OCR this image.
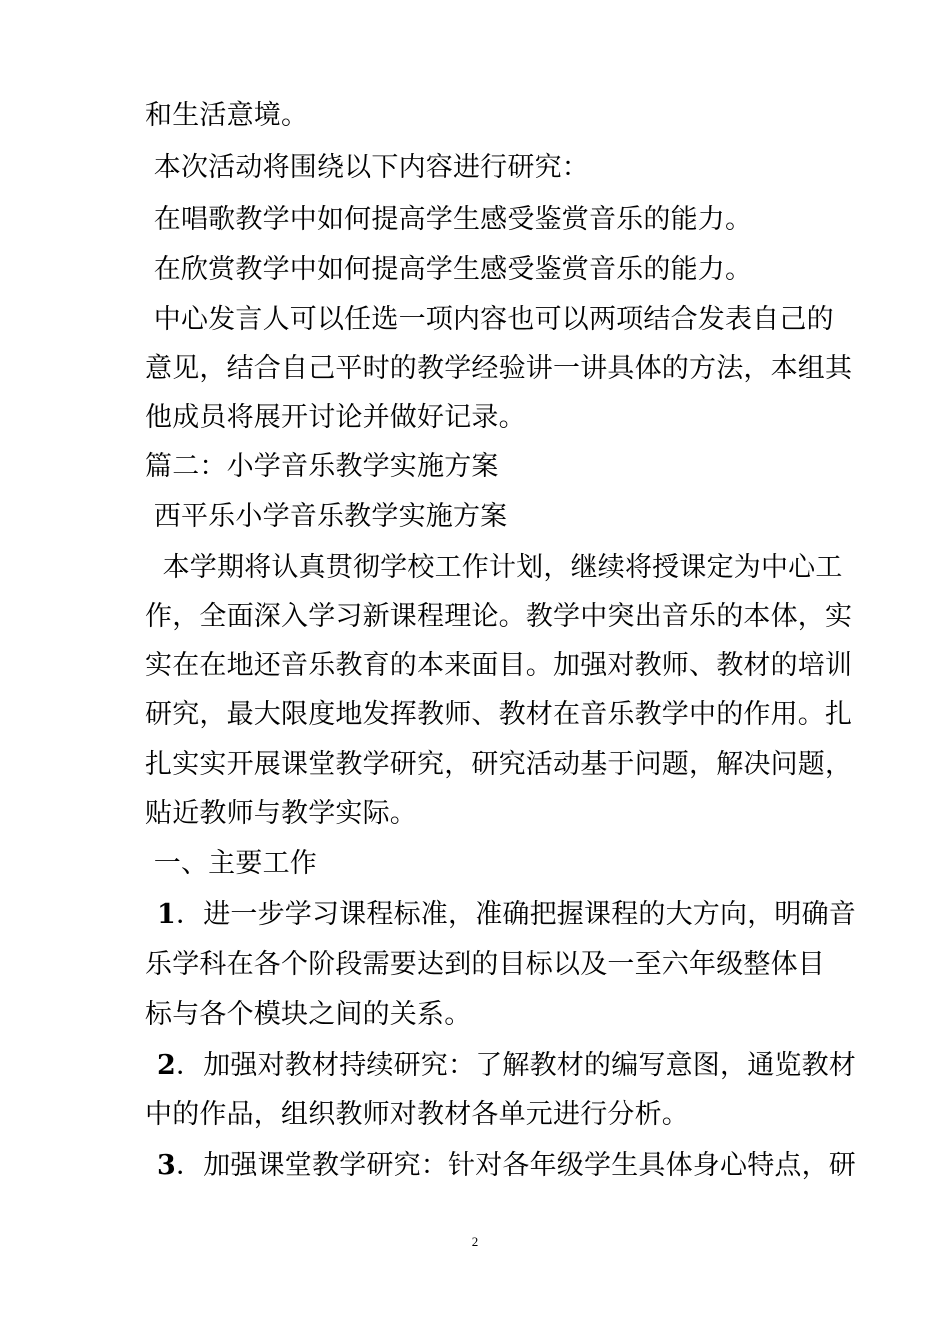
和生活意境。
本次活动将围绕以下内容进行研究：
在唱歌教学中如何提高学生感受鉴赏音乐的能力。
在欣赏教学中如何提高学生感受鉴赏音乐的能力。
中心发言人可以任选一项内容也可以两项结合发表自己的
意见，结合自己平时的教学经验讲一讲具体的方法，本组其
他成员将展开讨论并做好记录。
篇二：小学音乐教学实施方案
西平乐小学音乐教学实施方案
本学期将认真贯彻学校工作计划，继续将授课定为中心工
作，全面深入学习新课程理论。教学中突出音乐的本体，实
实在在地还音乐教育的本来面目。加强对教师、教材的培训
研究，最大限度地发挥教师、教材在音乐教学中的作用。扎
扎实实开展课堂教学研究，研究活动基于问题，解决问题，
贴近教师与教学实际。
一、主要工作
1．进一步学习课程标准，准确把握课程的大方向，明确音
乐学科在各个阶段需要达到的目标以及一至六年级整体目
标与各个模块之间的关系。
2．加强对教材持续研究：了解教材的编写意图，通览教材
中的作品，组织教师对教材各单元进行分析。
3．加强课堂教学研究：针对各年级学生具体身心特点，研
2
